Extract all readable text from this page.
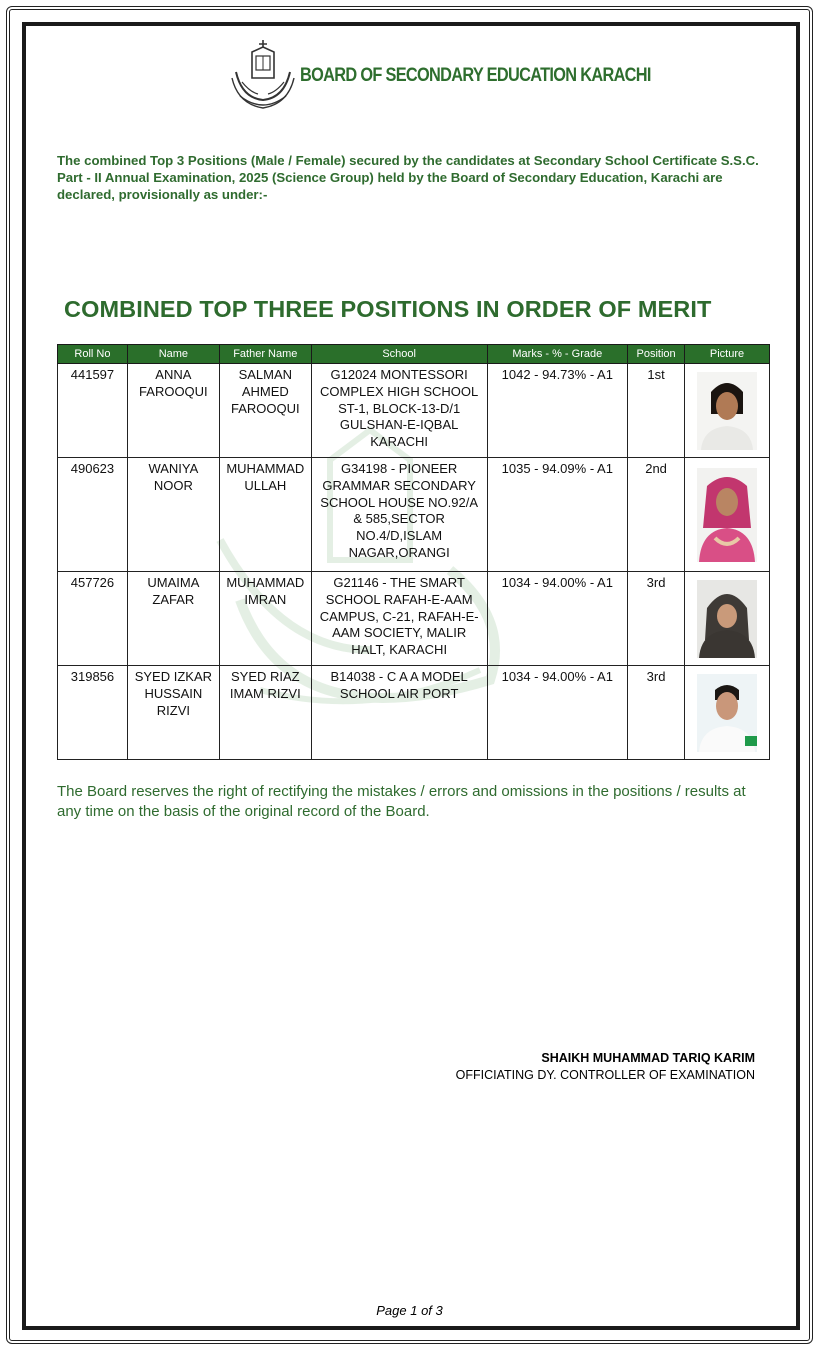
BOARD OF SECONDARY EDUCATION KARACHI
The combined Top 3 Positions (Male / Female) secured by the candidates at Secondary School Certificate S.S.C. Part - II Annual Examination, 2025 (Science Group) held by the Board of Secondary Education, Karachi are declared, provisionally as under:-
COMBINED TOP THREE POSITIONS IN ORDER OF MERIT
Roll No	Name	Father Name	School	Marks - % - Grade	Position	Picture
441597	ANNA FAROOQUI	SALMAN AHMED FAROOQUI	G12024 MONTESSORI COMPLEX HIGH SCHOOL ST-1, BLOCK-13-D/1 GULSHAN-E-IQBAL KARACHI	1042 - 94.73% - A1	1st	

490623	WANIYA NOOR	MUHAMMAD ULLAH	G34198 - PIONEER GRAMMAR SECONDARY SCHOOL HOUSE NO.92/A & 585,SECTOR NO.4/D,ISLAM NAGAR,ORANGI	1035 - 94.09% - A1	2nd	

457726	UMAIMA ZAFAR	MUHAMMAD IMRAN	G21146 - THE SMART SCHOOL RAFAH-E-AAM CAMPUS, C-21, RAFAH-E-AAM SOCIETY, MALIR HALT, KARACHI	1034 - 94.00% - A1	3rd	

319856	SYED IZKAR HUSSAIN RIZVI	SYED RIAZ IMAM RIZVI	B14038 - C A A MODEL SCHOOL AIR PORT	1034 - 94.00% - A1	3rd	
The Board reserves the right of rectifying the mistakes / errors and omissions in the positions / results at any time on the basis of the original record of the Board.
SHAIKH MUHAMMAD TARIQ KARIM
OFFICIATING DY. CONTROLLER OF EXAMINATION
Page 1 of 3
